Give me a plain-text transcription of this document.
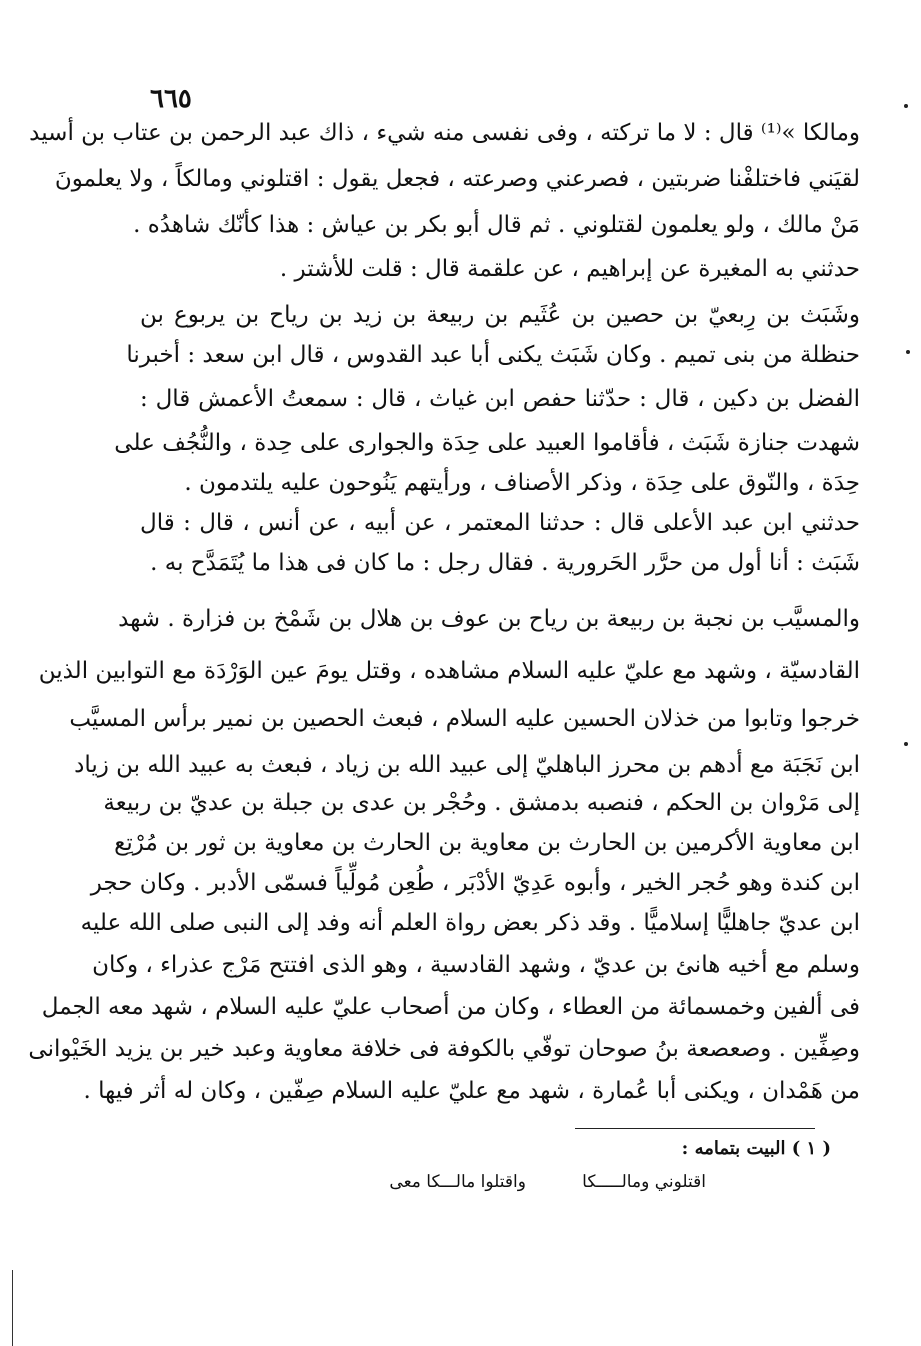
٦٦٥
ومالكا »⁽¹⁾ قال : لا ما تركته ، وفى نفسى منه شيء ، ذاك عبد الرحمن بن عتاب بن أسيد
لقيَني فاختلفْنا ضربتين ، فصرعني وصرعته ، فجعل يقول : اقتلوني ومالكاً ، ولا يعلمونَ
مَنْ مالك ، ولو يعلمون لقتلوني . ثم قال أبو بكر بن عياش : هذا كأنّك شاهدُه .
حدثني به المغيرة عن إبراهيم ، عن علقمة قال : قلت للأشتر .
وشَبَث بن رِبعيّ بن حصين بن عُثَيم بن ربيعة بن زيد بن رياح بن يربوع بن
حنظلة من بنى تميم . وكان شَبَث يكنى أبا عبد القدوس ، قال ابن سعد : أخبرنا
الفضل بن دكين ، قال : حدّثنا حفص ابن غياث ، قال : سمعتُ الأعمش قال :
شهدت جنازة شَبَث ، فأقاموا العبيد على حِدَة والجوارى على حِدة ، والنُّجُف على
حِدَة ، والنّوق على حِدَة ، وذكر الأصناف ، ورأيتهم يَنُوحون عليه يلتدمون .
حدثني ابن عبد الأعلى قال : حدثنا المعتمر ، عن أبيه ، عن أنس ، قال : قال
شَبَث : أنا أول من حرَّر الحَرورية . فقال رجل : ما كان فى هذا ما يُتَمَدَّح به .
والمسيَّب بن نجبة بن ربيعة بن رياح بن عوف بن هلال بن شَمْخ بن فزارة . شهد
القادسيّة ، وشهد مع عليّ عليه السلام مشاهده ، وقتل يومَ عين الوَرْدَة مع التوابين الذين
خرجوا وتابوا من خذلان الحسين عليه السلام ، فبعث الحصين بن نمير برأس المسيَّب
ابن نَجَبَة مع أدهم بن محرز الباهليّ إلى عبيد الله بن زياد ، فبعث به عبيد الله بن زياد
إلى مَرْوان بن الحكم ، فنصبه بدمشق . وحُجْر بن عدى بن جبلة بن عديّ بن ربيعة
ابن معاوية الأكرمين بن الحارث بن معاوية بن الحارث بن معاوية بن ثور بن مُرْتِع
ابن كندة وهو حُجر الخير ، وأبوه عَدِيّ الأدْبَر ، طُعِن مُولِّياً فسمّى الأدبر . وكان حجر
ابن عديّ جاهليًّا إسلاميًّا . وقد ذكر بعض رواة العلم أنه وفد إلى النبى صلى الله عليه
وسلم مع أخيه هانئ بن عديّ ، وشهد القادسية ، وهو الذى افتتح مَرْج عذراء ، وكان
فى ألفين وخمسمائة من العطاء ، وكان من أصحاب عليّ عليه السلام ، شهد معه الجمل
وصِفِّين . وصعصعة بنُ صوحان توفّي بالكوفة فى خلافة معاوية وعبد خير بن يزيد الخَيْوانى
من هَمْدان ، ويكنى أبا عُمارة ، شهد مع عليّ عليه السلام صِفّين ، وكان له أثر فيها .
( ١ ) البيت بتمامه :
اقتلوني ومالـــــكا
واقتلوا مالـــكا معى
